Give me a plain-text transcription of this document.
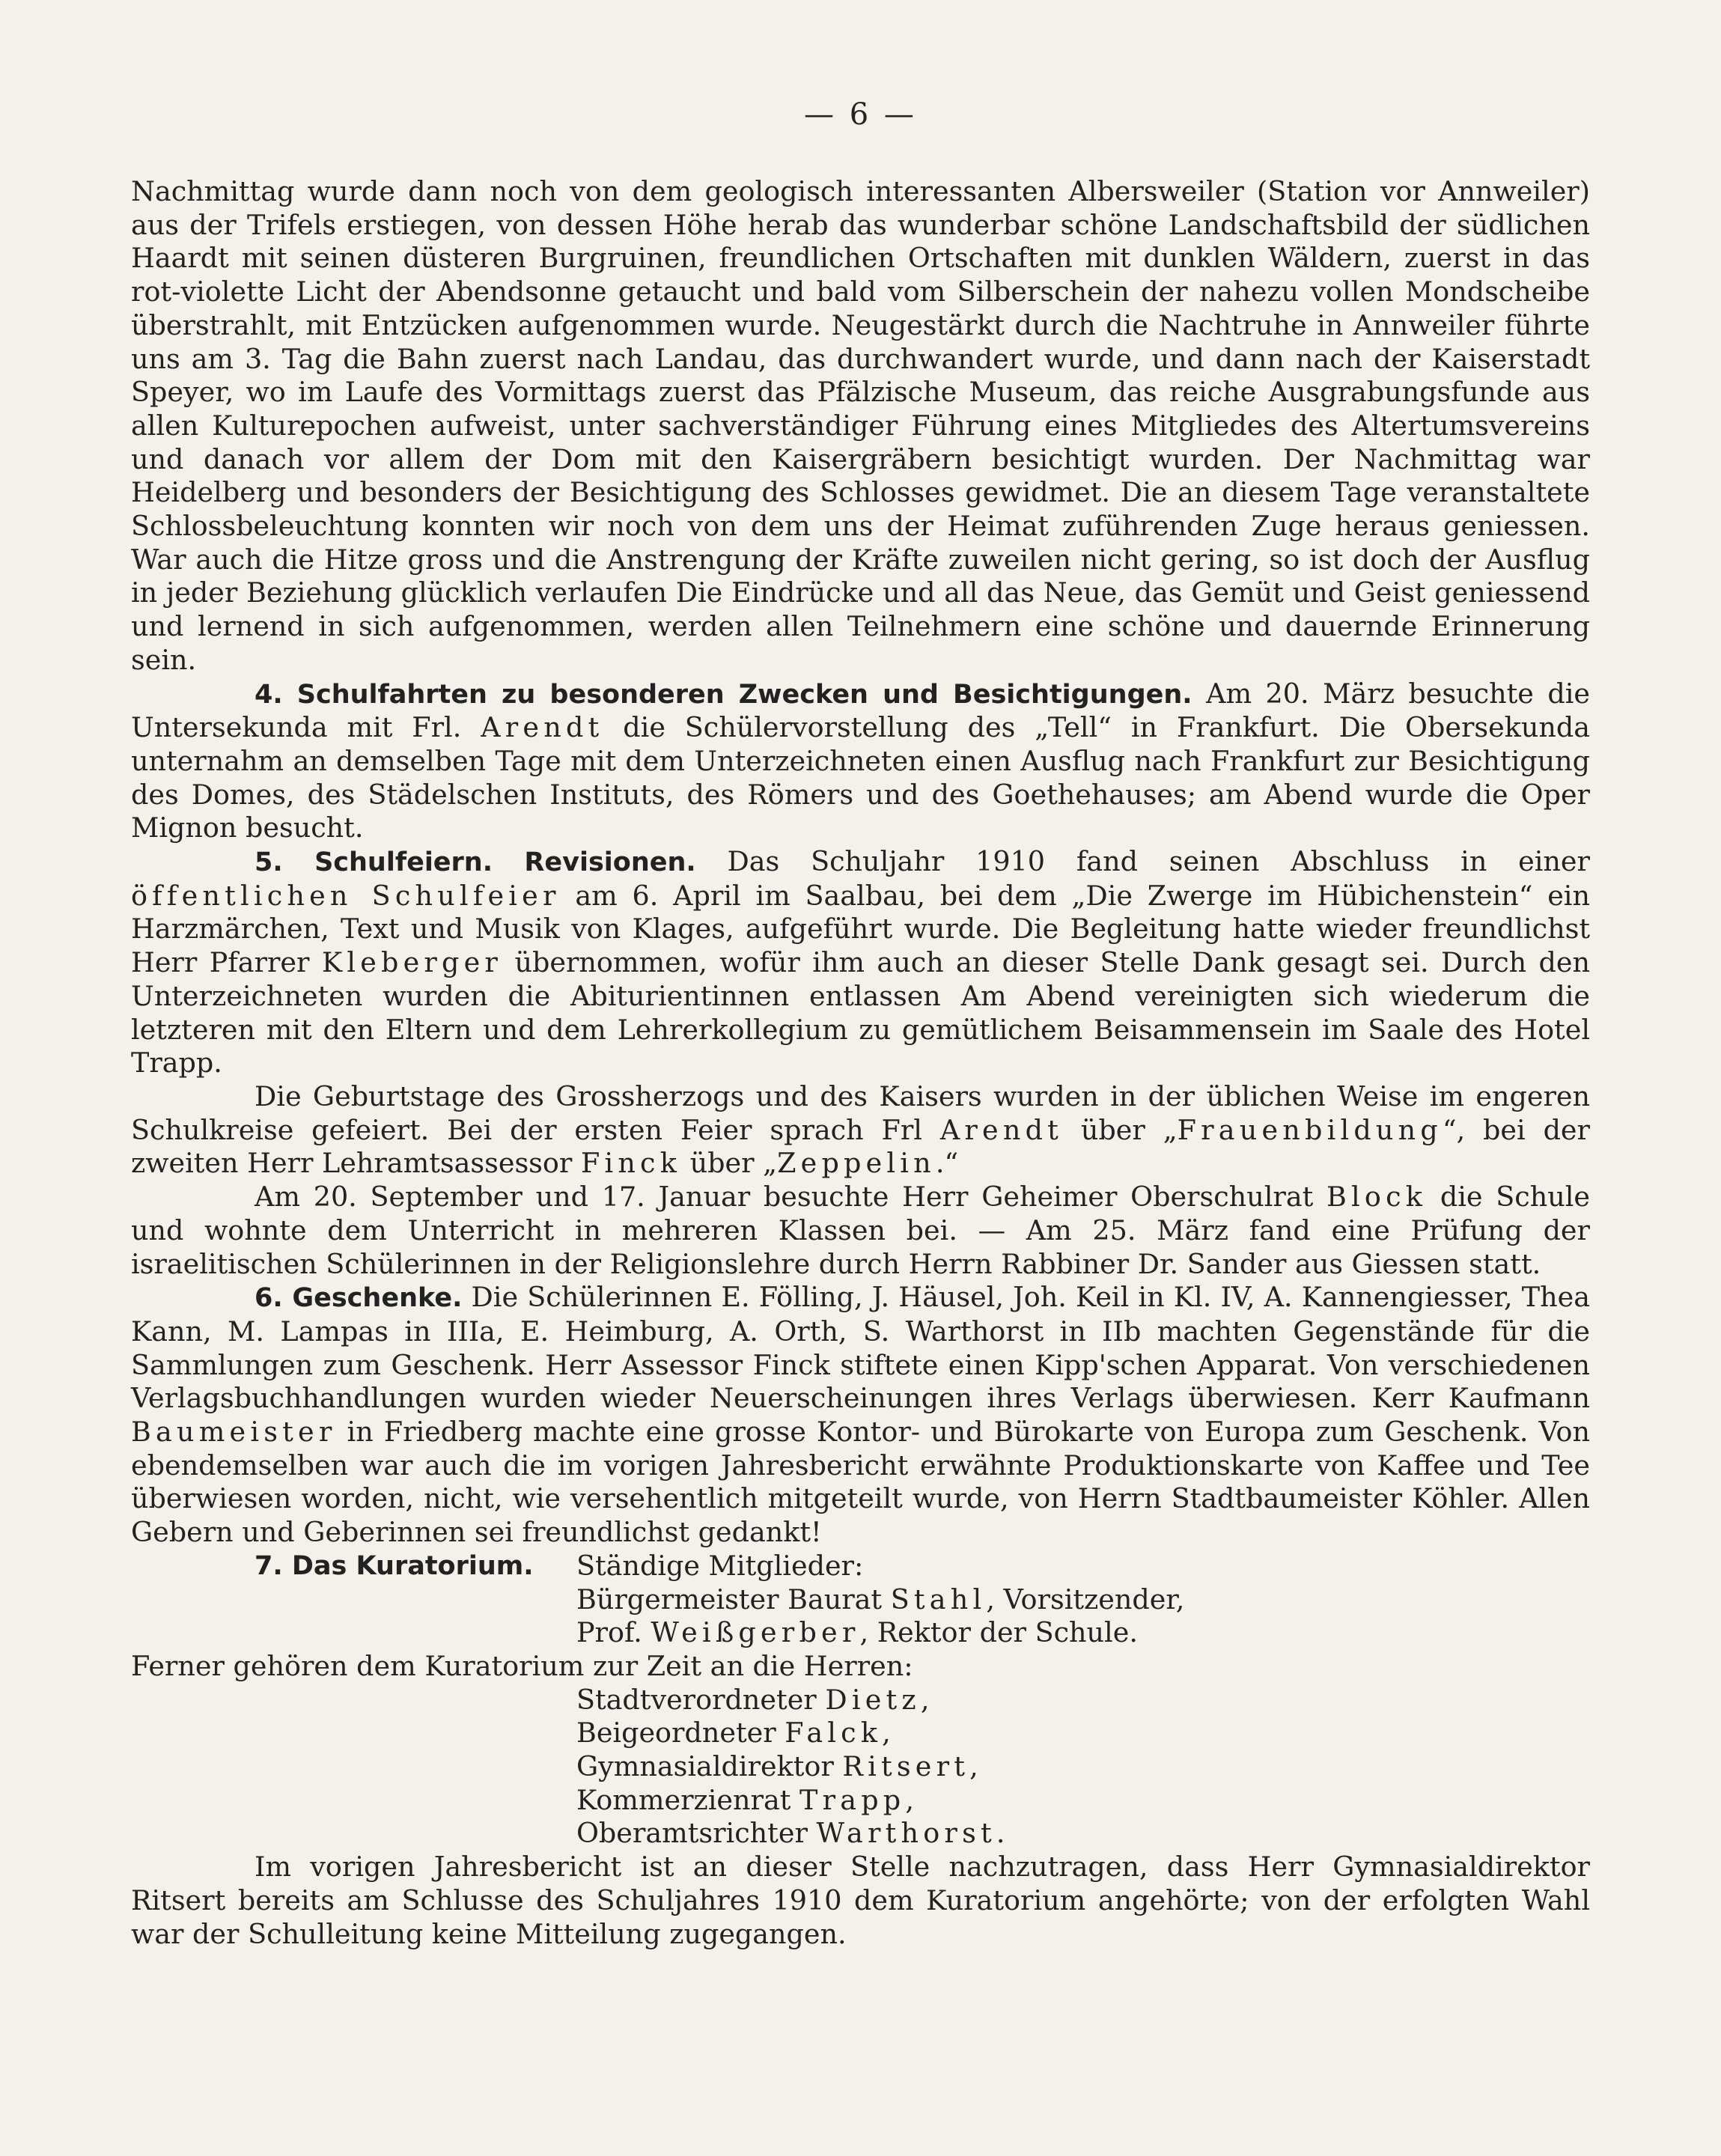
— 6 —

Nachmittag wurde dann noch von dem geologisch interessanten Albersweiler (Station vor Annweiler) aus der Trifels erstiegen, von dessen Höhe herab das wunderbar schöne Landschaftsbild der südlichen Haardt mit seinen düsteren Burgruinen, freundlichen Ortschaften mit dunklen Wäldern, zuerst in das rot-violette Licht der Abendsonne getaucht und bald vom Silberschein der nahezu vollen Mondscheibe überstrahlt, mit Entzücken aufgenommen wurde. Neugestärkt durch die Nachtruhe in Annweiler führte uns am 3. Tag die Bahn zuerst nach Landau, das durchwandert wurde, und dann nach der Kaiserstadt Speyer, wo im Laufe des Vormittags zuerst das Pfälzische Museum, das reiche Ausgrabungsfunde aus allen Kulturepochen aufweist, unter sachverständiger Führung eines Mitgliedes des Altertumsvereins und danach vor allem der Dom mit den Kaisergräbern besichtigt wurden. Der Nachmittag war Heidelberg und besonders der Besichtigung des Schlosses gewidmet. Die an diesem Tage veranstaltete Schlossbeleuchtung konnten wir noch von dem uns der Heimat zuführenden Zuge heraus geniessen. War auch die Hitze gross und die Anstrengung der Kräfte zuweilen nicht gering, so ist doch der Ausflug in jeder Beziehung glücklich verlaufen Die Eindrücke und all das Neue, das Gemüt und Geist geniessend und lernend in sich aufgenommen, werden allen Teilnehmern eine schöne und dauernde Erinnerung sein.

4. Schulfahrten zu besonderen Zwecken und Besichtigungen. Am 20. März besuchte die Untersekunda mit Frl. Arendt die Schülervorstellung des „Tell“ in Frankfurt. Die Obersekunda unternahm an demselben Tage mit dem Unterzeichneten einen Ausflug nach Frankfurt zur Besichtigung des Domes, des Städelschen Instituts, des Römers und des Goethehauses; am Abend wurde die Oper Mignon besucht.

5. Schulfeiern. Revisionen. Das Schuljahr 1910 fand seinen Abschluss in einer öffentlichen Schulfeier am 6. April im Saalbau, bei dem „Die Zwerge im Hübichenstein“ ein Harzmärchen, Text und Musik von Klages, aufgeführt wurde. Die Begleitung hatte wieder freundlichst Herr Pfarrer Kleberger übernommen, wofür ihm auch an dieser Stelle Dank gesagt sei. Durch den Unterzeichneten wurden die Abiturientinnen entlassen Am Abend vereinigten sich wiederum die letzteren mit den Eltern und dem Lehrerkollegium zu gemütlichem Beisammensein im Saale des Hotel Trapp.

Die Geburtstage des Grossherzogs und des Kaisers wurden in der üblichen Weise im engeren Schulkreise gefeiert. Bei der ersten Feier sprach Frl Arendt über „Frauenbildung“, bei der zweiten Herr Lehramtsassessor Finck über „Zeppelin.“

Am 20. September und 17. Januar besuchte Herr Geheimer Oberschulrat Block die Schule und wohnte dem Unterricht in mehreren Klassen bei. — Am 25. März fand eine Prüfung der israelitischen Schülerinnen in der Religionslehre durch Herrn Rabbiner Dr. Sander aus Giessen statt.

6. Geschenke. Die Schülerinnen E. Fölling, J. Häusel, Joh. Keil in Kl. IV, A. Kannengiesser, Thea Kann, M. Lampas in IIIa, E. Heimburg, A. Orth, S. Warthorst in IIb machten Gegenstände für die Sammlungen zum Geschenk. Herr Assessor Finck stiftete einen Kipp'schen Apparat. Von verschiedenen Verlagsbuchhandlungen wurden wieder Neuerscheinungen ihres Verlags überwiesen. Kerr Kaufmann Baumeister in Friedberg machte eine grosse Kontor- und Bürokarte von Europa zum Geschenk. Von ebendemselben war auch die im vorigen Jahresbericht erwähnte Produktionskarte von Kaffee und Tee überwiesen worden, nicht, wie versehentlich mitgeteilt wurde, von Herrn Stadtbaumeister Köhler. Allen Gebern und Geberinnen sei freundlichst gedankt!

7. Das Kuratorium.	Ständige Mitglieder:
Bürgermeister Baurat Stahl, Vorsitzender,
Prof. Weißgerber, Rektor der Schule.

Ferner gehören dem Kuratorium zur Zeit an die Herren:

Stadtverordneter Dietz,
Beigeordneter Falck,
Gymnasialdirektor Ritsert,
Kommerzienrat Trapp,
Oberamtsrichter Warthorst.

Im vorigen Jahresbericht ist an dieser Stelle nachzutragen, dass Herr Gymnasialdirektor Ritsert bereits am Schlusse des Schuljahres 1910 dem Kuratorium angehörte; von der erfolgten Wahl war der Schulleitung keine Mitteilung zugegangen.
